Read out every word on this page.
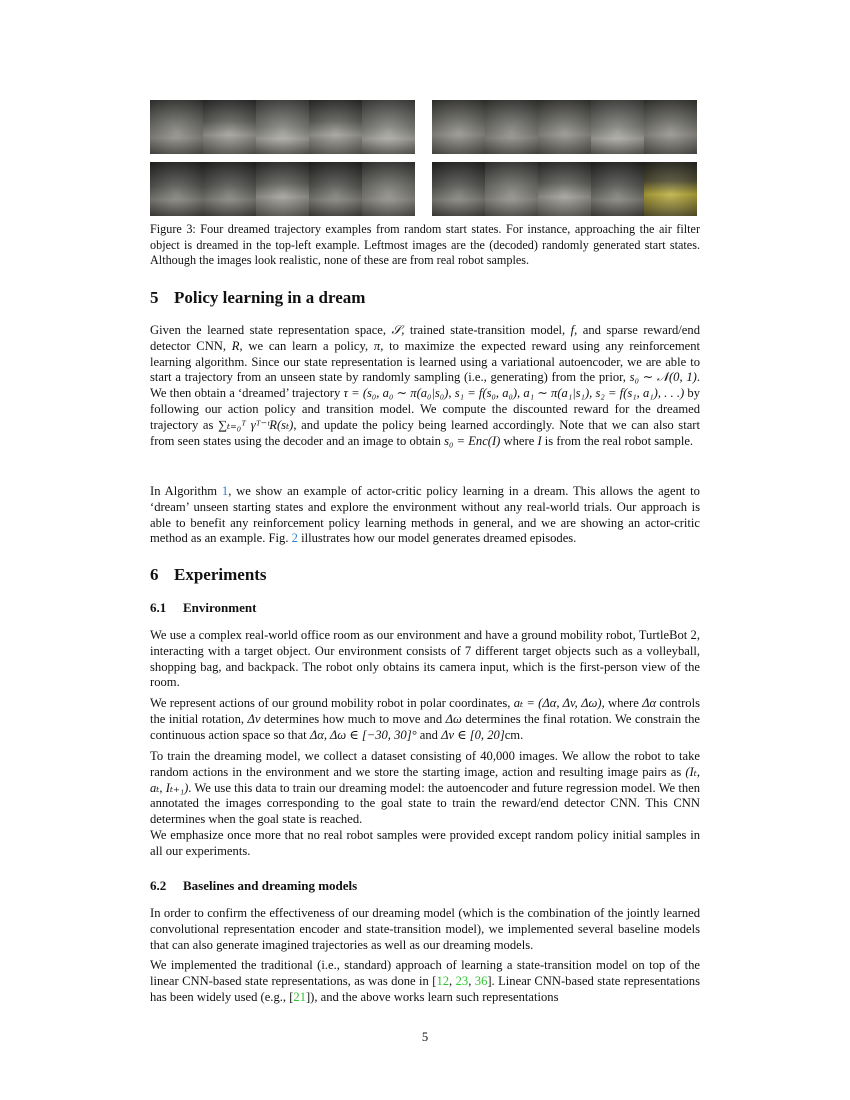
Figure 3: Four dreamed trajectory examples from random start states. For instance, approaching the air filter object is dreamed in the top-left example. Leftmost images are the (decoded) randomly generated start states. Although the images look realistic, none of these are from real robot samples.
5 Policy learning in a dream
Given the learned state representation space, 𝒮, trained state-transition model, f, and sparse reward/end detector CNN, R, we can learn a policy, π, to maximize the expected reward using any reinforcement learning algorithm. Since our state representation is learned using a variational autoencoder, we are able to start a trajectory from an unseen state by randomly sampling (i.e., generating) from the prior, s₀ ∼ 𝒩(0, 1). We then obtain a ‘dreamed’ trajectory τ = (s₀, a₀ ∼ π(a₀|s₀), s₁ = f(s₀, a₀), a₁ ∼ π(a₁|s₁), s₂ = f(s₁, a₁), . . .) by following our action policy and transition model. We compute the discounted reward for the dreamed trajectory as ∑ₜ₌₀ᵀ γᵀ⁻ᵗR(sₜ), and update the policy being learned accordingly. Note that we can also start from seen states using the decoder and an image to obtain s₀ = Enc(I) where I is from the real robot sample.
In Algorithm 1, we show an example of actor-critic policy learning in a dream. This allows the agent to ‘dream’ unseen starting states and explore the environment without any real-world trials. Our approach is able to benefit any reinforcement policy learning methods in general, and we are showing an actor-critic method as an example. Fig. 2 illustrates how our model generates dreamed episodes.
6 Experiments
6.1 Environment
We use a complex real-world office room as our environment and have a ground mobility robot, TurtleBot 2, interacting with a target object. Our environment consists of 7 different target objects such as a volleyball, shopping bag, and backpack. The robot only obtains its camera input, which is the first-person view of the room.
We represent actions of our ground mobility robot in polar coordinates, aₜ = (Δα, Δv, Δω), where Δα controls the initial rotation, Δv determines how much to move and Δω determines the final rotation. We constrain the continuous action space so that Δα, Δω ∈ [−30, 30]° and Δv ∈ [0, 20]cm.
To train the dreaming model, we collect a dataset consisting of 40,000 images. We allow the robot to take random actions in the environment and we store the starting image, action and resulting image pairs as (Iₜ, aₜ, Iₜ₊₁). We use this data to train our dreaming model: the autoencoder and future regression model. We then annotated the images corresponding to the goal state to train the reward/end detector CNN. This CNN determines when the goal state is reached.
We emphasize once more that no real robot samples were provided except random policy initial samples in all our experiments.
6.2 Baselines and dreaming models
In order to confirm the effectiveness of our dreaming model (which is the combination of the jointly learned convolutional representation encoder and state-transition model), we implemented several baseline models that can also generate imagined trajectories as well as our dreaming models.
We implemented the traditional (i.e., standard) approach of learning a state-transition model on top of the linear CNN-based state representations, as was done in [12, 23, 36]. Linear CNN-based state representations has been widely used (e.g., [21]), and the above works learn such representations
5
